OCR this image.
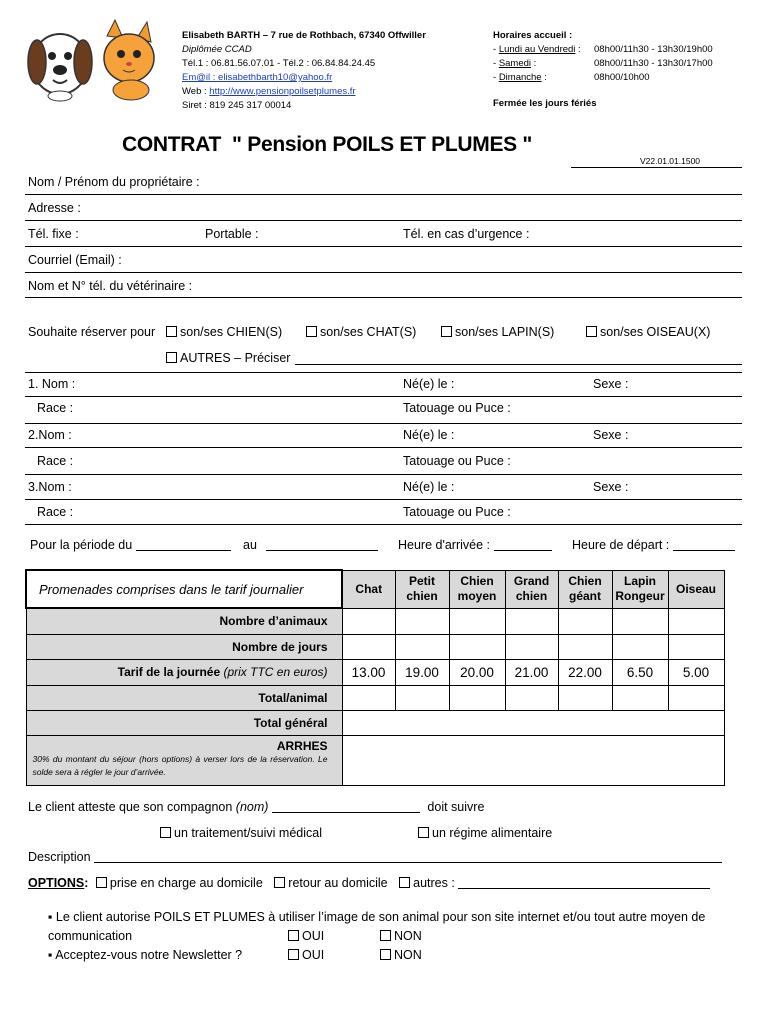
Elisabeth BARTH – 7 rue de Rothbach, 67340 Offwiller
Diplômée CCAD
Tél.1 : 06.81.56.07.01 - Tél.2 : 06.84.84.24.45
Em@il : elisabethbarth10@yahoo.fr
Web : http://www.pensionpoilsetplumes.fr
Siret : 819 245 317 00014
Horaires accueil :
- Lundi au Vendredi : 08h00/11h30 - 13h30/19h00
- Samedi :	08h00/11h30 - 13h30/17h00
- Dimanche :	08h00/10h00
Fermée les jours fériés
CONTRAT  " Pension POILS ET PLUMES "
V22.01.01.1500
Nom / Prénom du propriétaire :
Adresse :
Tél. fixe :	Portable :	Tél. en cas d’urgence :
Courriel (Email) :
Nom et N° tél. du vétérinaire :
Souhaite réserver pour	son/ses CHIEN(S)	son/ses CHAT(S)	son/ses LAPIN(S)	son/ses OISEAU(X)
AUTRES – Préciser
1. Nom :	Né(e) le :	Sexe :
Race :	Tatouage ou Puce :
2.Nom :	Né(e) le :	Sexe :
Race :	Tatouage ou Puce :
3.Nom :	Né(e) le :	Sexe :
Race :	Tatouage ou Puce :
Pour la période du	au	Heure d'arrivée :	Heure de départ :
Promenades comprises dans le tarif journalier	Chat	Petit chien	Chien moyen	Grand chien	Chien géant	Lapin Rongeur	Oiseau
Nombre d’animaux							
Nombre de jours							
Tarif de la journée (prix TTC en euros)	13.00	19.00	20.00	21.00	22.00	6.50	5.00
Total/animal							
Total général							

ARRHES
30% du montant du séjour (hors options) à verser lors de la réservation. Le solde sera à régler le jour d’arrivée.							

Le client atteste que son compagnon (nom)	doit suivre
un traitement/suivi médical	un régime alimentaire
Description
OPTIONS: prise en charge au domicile retour au domicile autres :
▪ Le client autorise POILS ET PLUMES à utiliser l’image de son animal pour son site internet et/ou tout autre moyen de
communication	OUI	NON
▪ Acceptez-vous notre Newsletter ?	OUI	NON
